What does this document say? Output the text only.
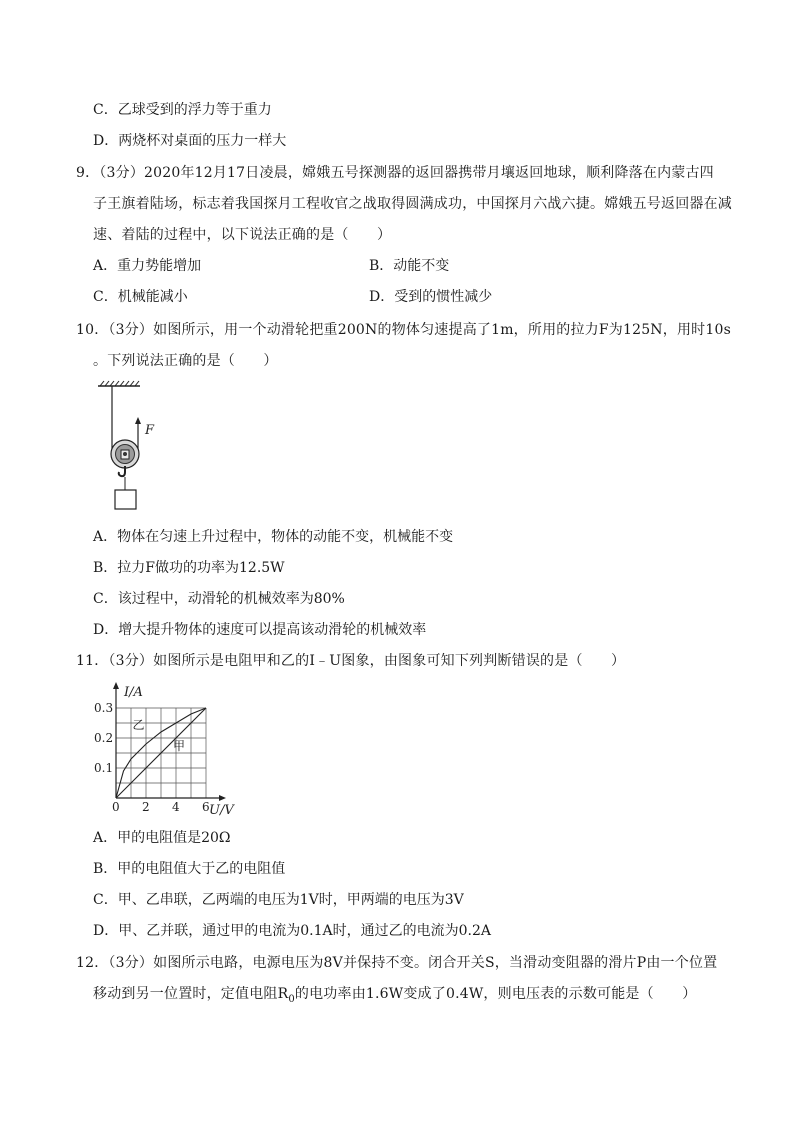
C．乙球受到的浮力等于重力
D．两烧杯对桌面的压力一样大
9．（3分）2020年12月17日凌晨，嫦娥五号探测器的返回器携带月壤返回地球，顺利降落在内蒙古四
子王旗着陆场，标志着我国探月工程收官之战取得圆满成功，中国探月六战六捷。嫦娥五号返回器在减
速、着陆的过程中，以下说法正确的是（　　）
A．重力势能增加	B．动能不变
C．机械能减小	D．受到的惯性减少
10．（3分）如图所示，用一个动滑轮把重200N的物体匀速提高了1m，所用的拉力F为125N，用时10s
。下列说法正确的是（　　）
F
A．物体在匀速上升过程中，物体的动能不变，机械能不变
B．拉力F做功的功率为12.5W
C．该过程中，动滑轮的机械效率为80%
D．增大提升物体的速度可以提高该动滑轮的机械效率
11．（3分）如图所示是电阻甲和乙的I﹣U图象，由图象可知下列判断错误的是（　　）
0 2 4 6
0.1
0.2
0.3
I/A
U/V
甲
乙
A．甲的电阻值是20Ω
B．甲的电阻值大于乙的电阻值
C．甲、乙串联，乙两端的电压为1V时，甲两端的电压为3V
D．甲、乙并联，通过甲的电流为0.1A时，通过乙的电流为0.2A
12．（3分）如图所示电路，电源电压为8V并保持不变。闭合开关S，当滑动变阻器的滑片P由一个位置
移动到另一位置时，定值电阻$R_0$的电功率由1.6W变成了0.4W，则电压表的示数可能是（　　）
